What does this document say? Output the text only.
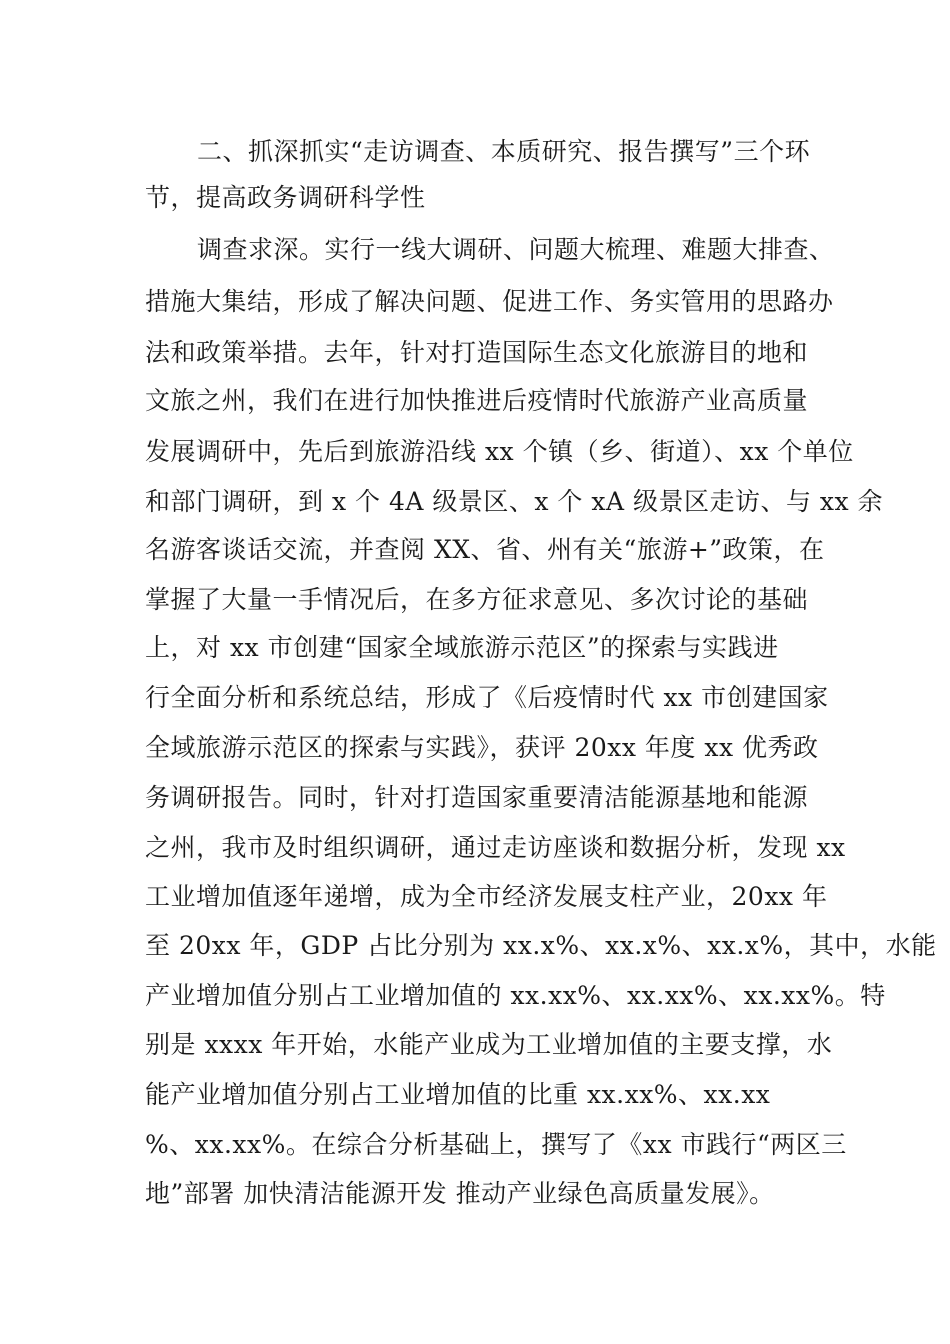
二、抓深抓实“走访调查、本质研究、报告撰写”三个环
节，提高政务调研科学性
调查求深。实行一线大调研、问题大梳理、难题大排查、
措施大集结，形成了解决问题、促进工作、务实管用的思路办
法和政策举措。去年，针对打造国际生态文化旅游目的地和
文旅之州，我们在进行加快推进后疫情时代旅游产业高质量
发展调研中，先后到旅游沿线 xx 个镇（乡、街道）、xx 个单位
和部门调研，到 x 个 4A 级景区、x 个 xA 级景区走访、与 xx 余
名游客谈话交流，并查阅 XX、省、州有关“旅游+”政策，在
掌握了大量一手情况后，在多方征求意见、多次讨论的基础
上，对 xx 市创建“国家全域旅游示范区”的探索与实践进
行全面分析和系统总结，形成了《后疫情时代 xx 市创建国家
全域旅游示范区的探索与实践》，获评 20xx 年度 xx 优秀政
务调研报告。同时，针对打造国家重要清洁能源基地和能源
之州，我市及时组织调研，通过走访座谈和数据分析，发现 xx
工业增加值逐年递增，成为全市经济发展支柱产业，20xx 年
至 20xx 年，GDP 占比分别为 xx.x%、xx.x%、xx.x%，其中，水能
产业增加值分别占工业增加值的 xx.xx%、xx.xx%、xx.xx%。特
别是 xxxx 年开始，水能产业成为工业增加值的主要支撑，水
能产业增加值分别占工业增加值的比重 xx.xx%、xx.xx
%、xx.xx%。在综合分析基础上，撰写了《xx 市践行“两区三
地”部署 加快清洁能源开发 推动产业绿色高质量发展》。
